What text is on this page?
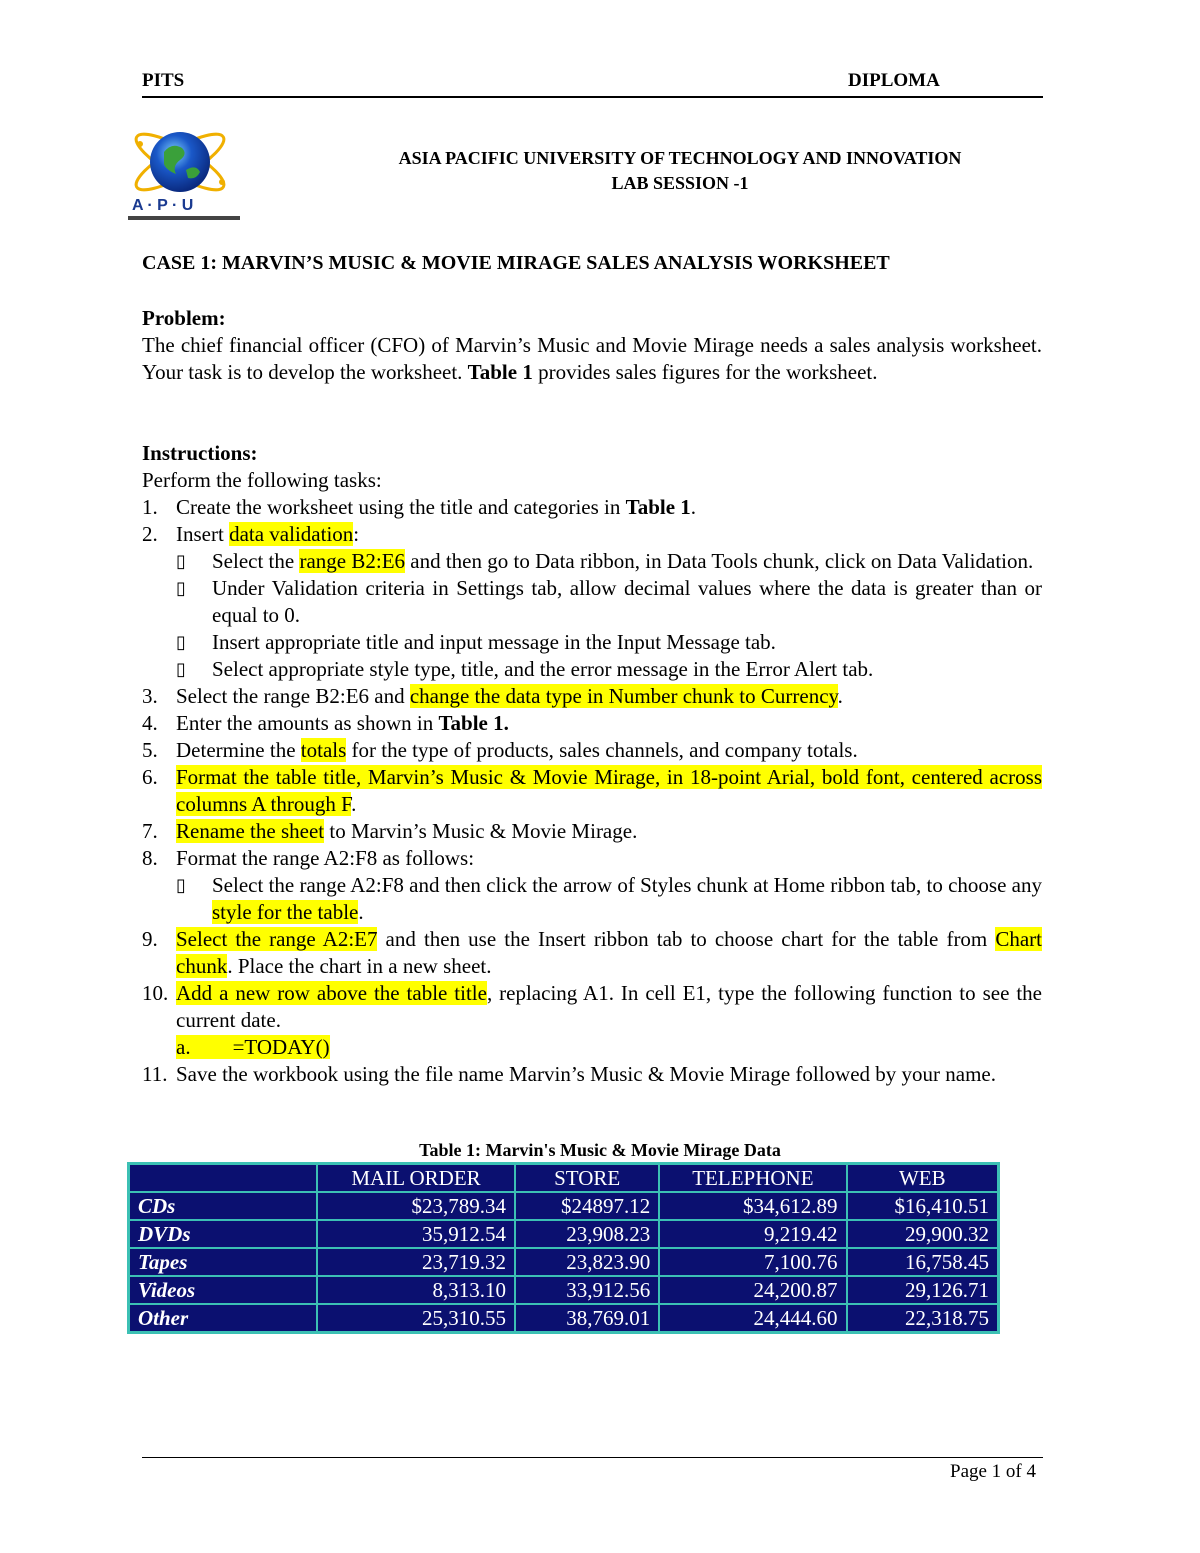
PITS	DIPLOMA
A · P · U
ASIA PACIFIC UNIVERSITY OF TECHNOLOGY AND INNOVATION
LAB SESSION -1
CASE 1: MARVIN’S MUSIC & MOVIE MIRAGE SALES ANALYSIS WORKSHEET
Problem:
The chief financial officer (CFO) of Marvin’s Music and Movie Mirage needs a sales analysis worksheet. Your task is to develop the worksheet. Table 1 provides sales figures for the worksheet.
Instructions:
Perform the following tasks:
1. Create the worksheet using the title and categories in Table 1.
2. Insert data validation:
▯ Select the range B2:E6 and then go to Data ribbon, in Data Tools chunk, click on Data Validation.
▯ Under Validation criteria in Settings tab, allow decimal values where the data is greater than or equal to 0.
▯ Insert appropriate title and input message in the Input Message tab.
▯ Select appropriate style type, title, and the error message in the Error Alert tab.
3. Select the range B2:E6 and change the data type in Number chunk to Currency.
4. Enter the amounts as shown in Table 1.
5. Determine the totals for the type of products, sales channels, and company totals.
6. Format the table title, Marvin’s Music & Movie Mirage, in 18-point Arial, bold font, centered across columns A through F.
7. Rename the sheet to Marvin’s Music & Movie Mirage.
8. Format the range A2:F8 as follows:
▯ Select the range A2:F8 and then click the arrow of Styles chunk at Home ribbon tab, to choose any style for the table.
9. Select the range A2:E7 and then use the Insert ribbon tab to choose chart for the table from Chart chunk. Place the chart in a new sheet.
10. Add a new row above the table title, replacing A1. In cell E1, type the following function to see the current date.
a.        =TODAY()
11. Save the workbook using the file name Marvin’s Music & Movie Mirage followed by your name.
Table 1: Marvin's Music & Movie Mirage Data
	MAIL ORDER	STORE	TELEPHONE	WEB
CDs	$23,789.34	$24897.12	$34,612.89	$16,410.51
DVDs	35,912.54	23,908.23	9,219.42	29,900.32
Tapes	23,719.32	23,823.90	7,100.76	16,758.45
Videos	8,313.10	33,912.56	24,200.87	29,126.71
Other	25,310.55	38,769.01	24,444.60	22,318.75
Page 1 of 4
